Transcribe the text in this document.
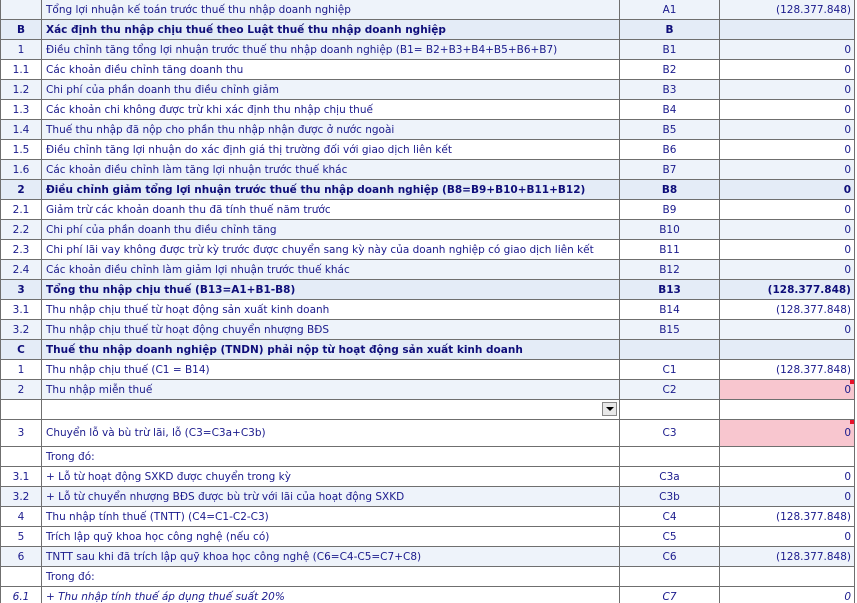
	Tổng lợi nhuận kế toán trước thuế thu nhập doanh nghiệp	A1	(128.377.848)
B	Xác định thu nhập chịu thuế theo Luật thuế thu nhập doanh nghiệp	B	
1	Điều chỉnh tăng tổng lợi nhuận trước thuế thu nhập doanh nghiệp (B1= B2+B3+B4+B5+B6+B7)	B1	0
1.1	Các khoản điều chỉnh tăng doanh thu	B2	0
1.2	Chi phí của phần doanh thu điều chỉnh giảm	B3	0
1.3	Các khoản chi không được trừ khi xác định thu nhập chịu thuế	B4	0
1.4	Thuế thu nhập đã nộp cho phần thu nhập nhận được ở nước ngoài	B5	0
1.5	Điều chỉnh tăng lợi nhuận do xác định giá thị trường đối với giao dịch liên kết	B6	0
1.6	Các khoản điều chỉnh làm tăng lợi nhuận trước thuế khác	B7	0
2	Điều chỉnh giảm tổng lợi nhuận trước thuế thu nhập doanh nghiệp (B8=B9+B10+B11+B12)	B8	0
2.1	Giảm trừ các khoản doanh thu đã tính thuế năm trước	B9	0
2.2	Chi phí của phần doanh thu điều chỉnh tăng	B10	0
2.3	Chi phí lãi vay không được trừ kỳ trước được chuyển sang kỳ này của doanh nghiệp có giao dịch liên kết	B11	0
2.4	Các khoản điều chỉnh làm giảm lợi nhuận trước thuế khác	B12	0
3	Tổng thu nhập chịu thuế (B13=A1+B1-B8)	B13	(128.377.848)
3.1	Thu nhập chịu thuế từ hoạt động sản xuất kinh doanh	B14	(128.377.848)
3.2	Thu nhập chịu thuế từ hoạt động chuyển nhượng BĐS	B15	0
C	Thuế thu nhập doanh nghiệp (TNDN) phải nộp từ hoạt động sản xuất kinh doanh		
1	Thu nhập chịu thuế (C1 = B14)	C1	(128.377.848)
2	Thu nhập miễn thuế	C2	0

3	Chuyển lỗ và bù trừ lãi, lỗ (C3=C3a+C3b)	C3	0
	Trong đó:		
3.1	+ Lỗ từ hoạt động SXKD được chuyển trong kỳ	C3a	0
3.2	+ Lỗ từ chuyển nhượng BĐS được bù trừ với lãi của hoạt động SXKD	C3b	0
4	Thu nhập tính thuế (TNTT) (C4=C1-C2-C3)	C4	(128.377.848)
5	Trích lập quỹ khoa học công nghệ (nếu có)	C5	0
6	TNTT sau khi đã trích lập quỹ khoa học công nghệ (C6=C4-C5=C7+C8)	C6	(128.377.848)
	Trong đó:		
6.1	+ Thu nhập tính thuế áp dụng thuế suất 20%	C7	0
